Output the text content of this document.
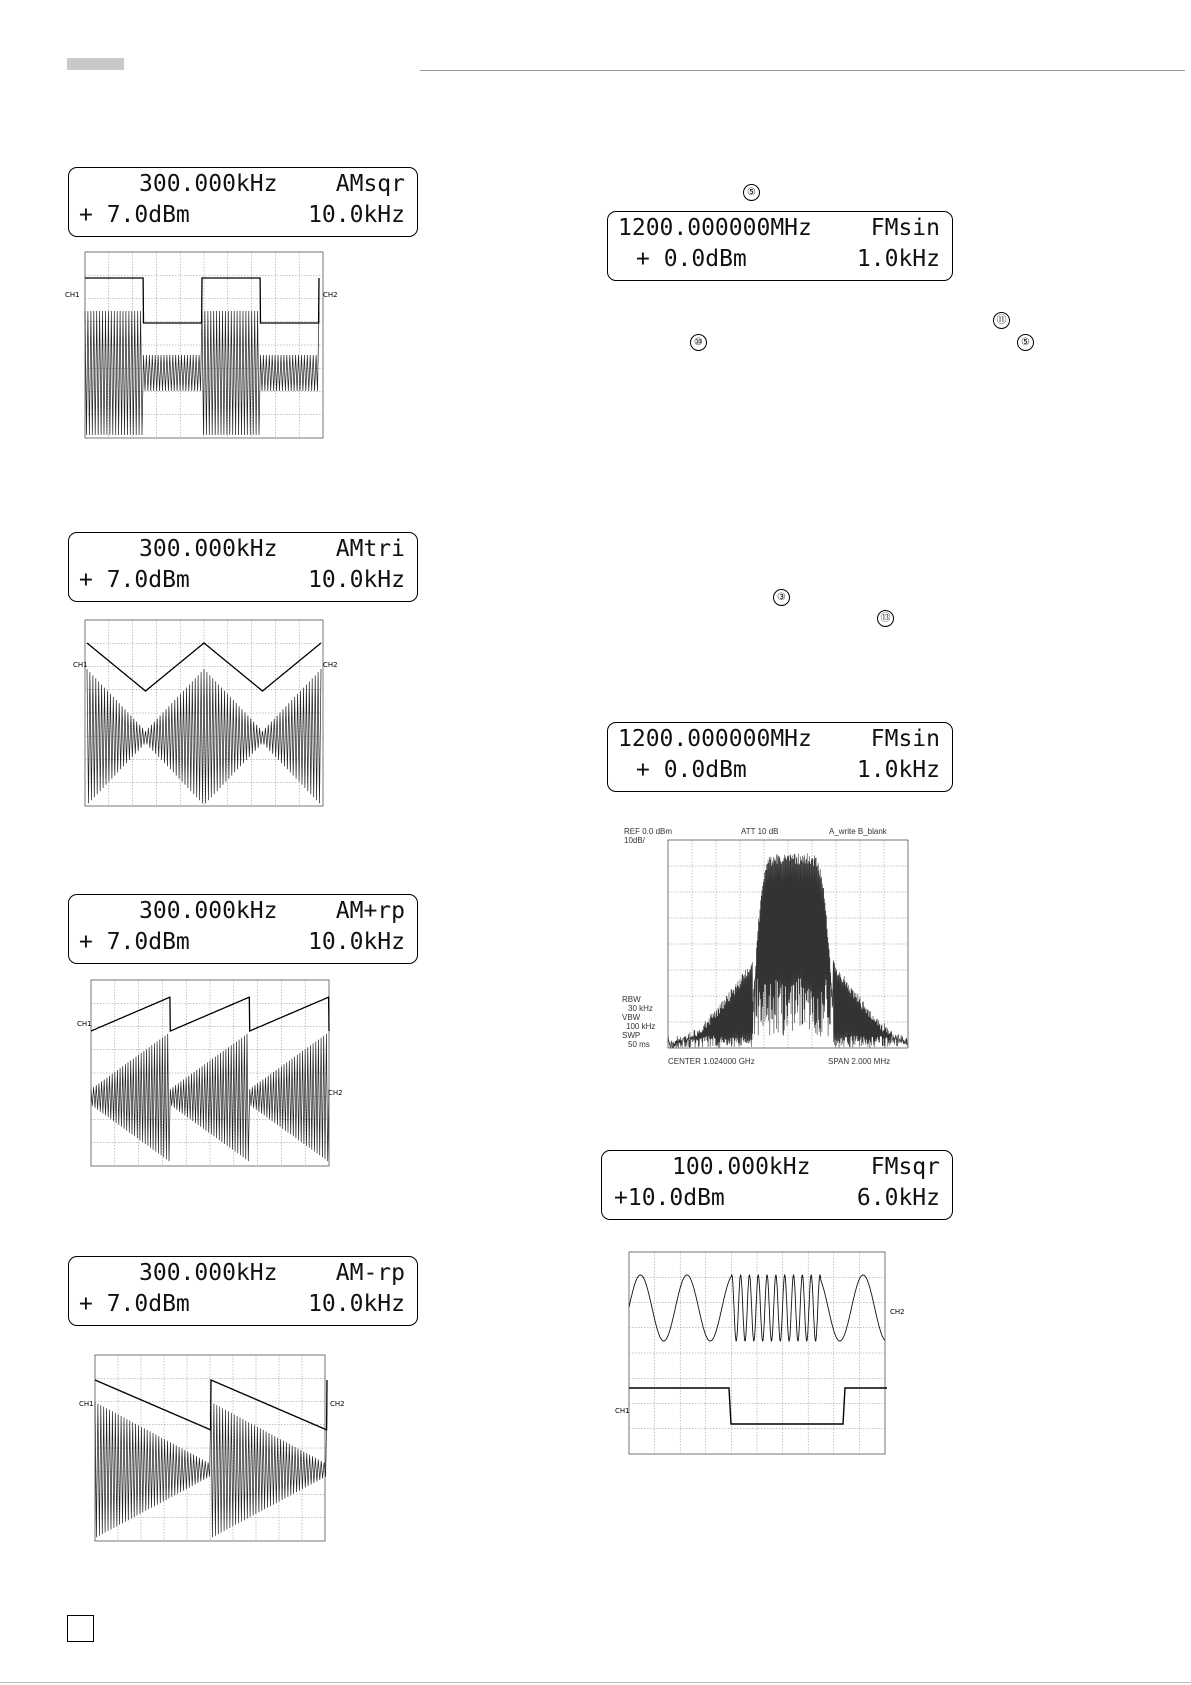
300.000kHz	AMsqr
+ 7.0dBm	10.0kHz
300.000kHz	AMtri
+ 7.0dBm	10.0kHz
300.000kHz	AM+rp
+ 7.0dBm	10.0kHz
300.000kHz	AM-rp
+ 7.0dBm	10.0kHz
1200.000000MHz	FMsin
+ 0.0dBm	1.0kHz
1200.000000MHz	FMsin
+ 0.0dBm	1.0kHz
100.000kHz	FMsqr
+10.0dBm	6.0kHz
⑤
⑪
⑩	⑤
③
⑬
CH1	CH2
CH1	CH2
CH1
CH2
CH1	CH2
REF 0.0 dBm
10dB/
ATT 10 dB	A_write B_blank
RBW
30 kHz
VBW
100 kHz
SWP
50 ms
CENTER 1.024000 GHz	SPAN 2.000 MHz
CH2
CH1
